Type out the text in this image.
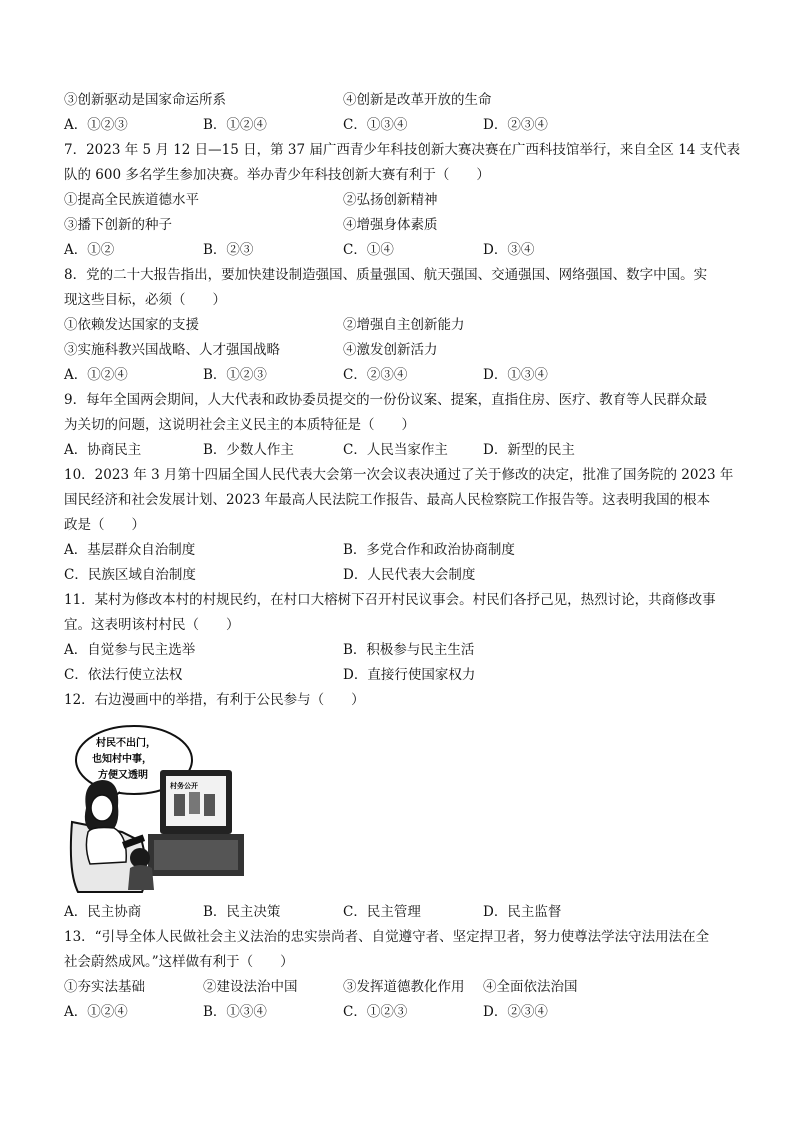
③创新驱动是国家命运所系	④创新是改革开放的生命
A．①②③	B．①②④	C．①③④	D．②③④
7．2023 年 5 月 12 日—15 日，第 37 届广西青少年科技创新大赛决赛在广西科技馆举行，来自全区 14 支代表
队的 600 多名学生参加决赛。举办青少年科技创新大赛有利于（　　）
①提高全民族道德水平	②弘扬创新精神
③播下创新的种子	④增强身体素质
A．①②	B．②③	C．①④	D．③④
8．党的二十大报告指出，要加快建设制造强国、质量强国、航天强国、交通强国、网络强国、数字中国。实
现这些目标，必须（　　）
①依赖发达国家的支援	②增强自主创新能力
③实施科教兴国战略、人才强国战略	④激发创新活力
A．①②④	B．①②③	C．②③④	D．①③④
9．每年全国两会期间，人大代表和政协委员提交的一份份议案、提案，直指住房、医疗、教育等人民群众最
为关切的问题，这说明社会主义民主的本质特征是（　　）
A．协商民主	B．少数人作主	C．人民当家作主	D．新型的民主
10．2023 年 3 月第十四届全国人民代表大会第一次会议表决通过了关于修改的决定，批准了国务院的 2023 年
国民经济和社会发展计划、2023 年最高人民法院工作报告、最高人民检察院工作报告等。这表明我国的根本
政是（　　）
A．基层群众自治制度	B．多党合作和政治协商制度
C．民族区域自治制度	D．人民代表大会制度
11．某村为修改本村的村规民约，在村口大榕树下召开村民议事会。村民们各抒己见，热烈讨论，共商修改事
宜。这表明该村村民（　　）
A．自觉参与民主选举	B．积极参与民主生活
C．依法行使立法权	D．直接行使国家权力
12．右边漫画中的举措，有利于公民参与（　　）
村民不出门，
也知村中事，
方便又透明
村务公开
A．民主协商	B．民主决策	C．民主管理	D．民主监督
13．“引导全体人民做社会主义法治的忠实崇尚者、自觉遵守者、坚定捍卫者，努力使尊法学法守法用法在全
社会蔚然成风。”这样做有利于（　　）
①夯实法基础	②建设法治中国	③发挥道德教化作用 ④全面依法治国
A．①②④	B．①③④	C．①②③	D．②③④
